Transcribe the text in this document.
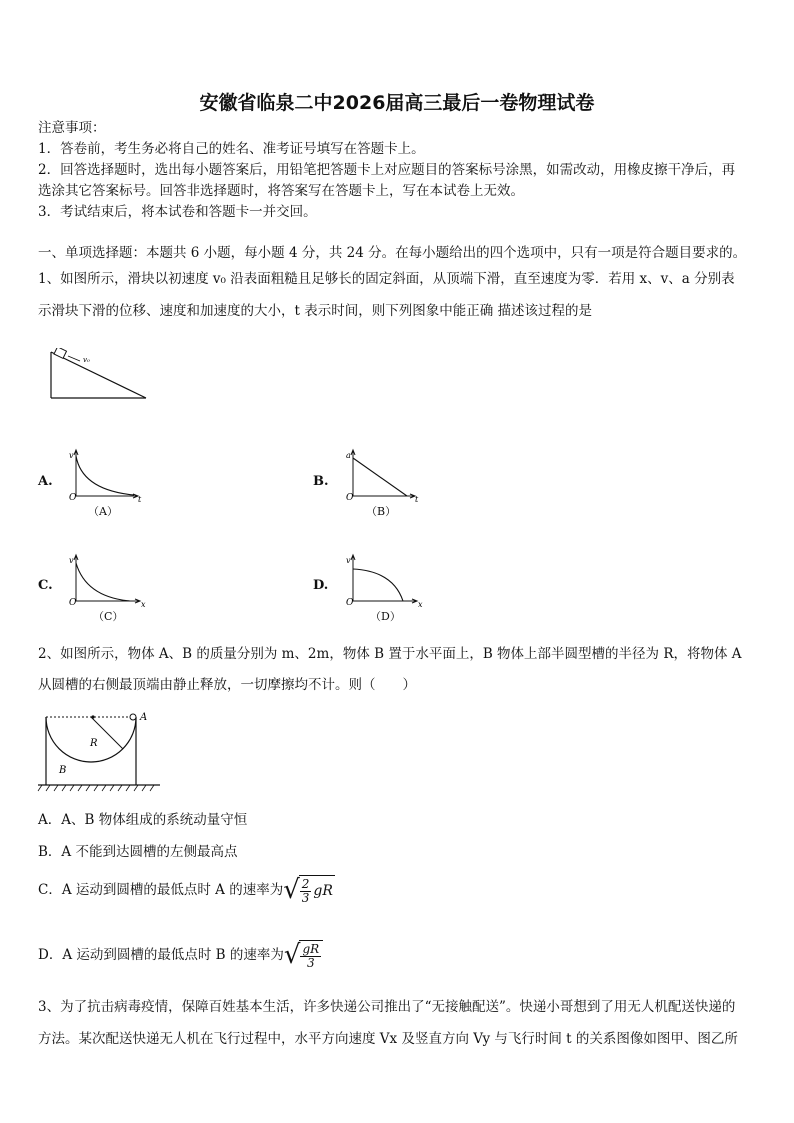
安徽省临泉二中2026届高三最后一卷物理试卷
注意事项：
1．答卷前，考生务必将自己的姓名、准考证号填写在答题卡上。
2．回答选择题时，选出每小题答案后，用铅笔把答题卡上对应题目的答案标号涂黑，如需改动，用橡皮擦干净后，再
选涂其它答案标号。回答非选择题时，将答案写在答题卡上，写在本试卷上无效。
3．考试结束后，将本试卷和答题卡一并交回。
一、单项选择题：本题共 6 小题，每小题 4 分，共 24 分。在每小题给出的四个选项中，只有一项是符合题目要求的。
1、如图所示，滑块以初速度 v₀ 沿表面粗糙且足够长的固定斜面，从顶端下滑，直至速度为零．若用 x、v、a 分别表
示滑块下滑的位移、速度和加速度的大小，t 表示时间，则下列图象中能正确 描述该过程的是
v₀
A.
v
O	t
（A）
B.
a
O	t
（B）
C.
v
O	x
（C）
D.
v
O	x
（D）
2、如图所示，物体 A、B 的质量分别为 m、2m，物体 B 置于水平面上，B 物体上部半圆型槽的半径为 R，将物体 A
从圆槽的右侧最顶端由静止释放，一切摩擦均不计。则（　　）
A
R
B
A．A、B 物体组成的系统动量守恒
B．A 不能到达圆槽的左侧最高点
C．A 运动到圆槽的最低点时 A 的速率为 √ $\frac{2}{3}$ gR
D．A 运动到圆槽的最低点时 B 的速率为 √ $\frac{gR}{3}$
3、为了抗击病毒疫情，保障百姓基本生活，许多快递公司推出了“无接触配送”。快递小哥想到了用无人机配送快递的
方法。某次配送快递无人机在飞行过程中，水平方向速度 Vx 及竖直方向 Vy 与飞行时间 t 的关系图像如图甲、图乙所
